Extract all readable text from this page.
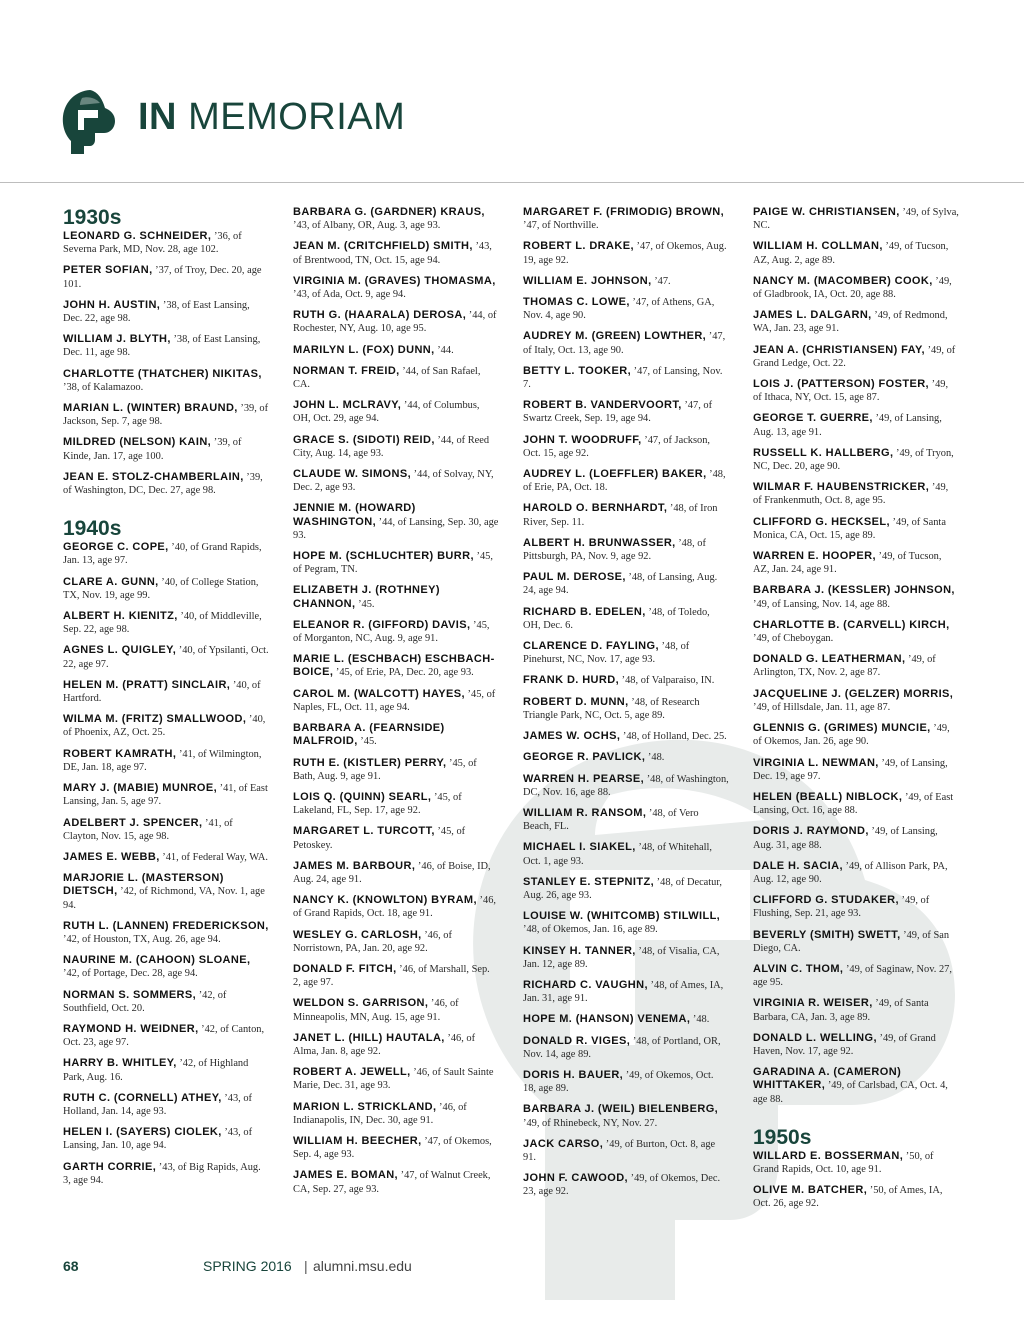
IN MEMORIAM
1930s

LEONARD G. SCHNEIDER, ’36, of Severna Park, MD, Nov. 28, age 102.

PETER SOFIAN, ’37, of Troy, Dec. 20, age 101.

JOHN H. AUSTIN, ’38, of East Lansing, Dec. 22, age 98.

WILLIAM J. BLYTH, ’38, of East Lansing, Dec. 11, age 98.

CHARLOTTE (THATCHER) NIKITAS, ’38, of Kalamazoo.

MARIAN L. (WINTER) BRAUND, ’39, of Jackson, Sep. 7, age 98.

MILDRED (NELSON) KAIN, ’39, of Kinde, Jan. 17, age 100.

JEAN E. STOLZ-CHAMBERLAIN, ’39, of Washington, DC, Dec. 27, age 98.

1940s

GEORGE C. COPE, ’40, of Grand Rapids, Jan. 13, age 97.

CLARE A. GUNN, ’40, of College Station, TX, Nov. 19, age 99.

ALBERT H. KIENITZ, ’40, of Middleville, Sep. 22, age 98.

AGNES L. QUIGLEY, ’40, of Ypsilanti, Oct. 22, age 97.

HELEN M. (PRATT) SINCLAIR, ’40, of Hartford.

WILMA M. (FRITZ) SMALLWOOD, ’40, of Phoenix, AZ, Oct. 25.

ROBERT KAMRATH, ’41, of Wilmington, DE, Jan. 18, age 97.

MARY J. (MABIE) MUNROE, ’41, of East Lansing, Jan. 5, age 97.

ADELBERT J. SPENCER, ’41, of Clayton, Nov. 15, age 98.

JAMES E. WEBB, ’41, of Federal Way, WA.

MARJORIE L. (MASTERSON) DIETSCH, ’42, of Richmond, VA, Nov. 1, age 94.

RUTH L. (LANNEN) FREDERICKSON, ’42, of Houston, TX, Aug. 26, age 94.

NAURINE M. (CAHOON) SLOANE, ’42, of Portage, Dec. 28, age 94.

NORMAN S. SOMMERS, ’42, of Southfield, Oct. 20.

RAYMOND H. WEIDNER, ’42, of Canton, Oct. 23, age 97.

HARRY B. WHITLEY, ’42, of Highland Park, Aug. 16.

RUTH C. (CORNELL) ATHEY, ’43, of Holland, Jan. 14, age 93.

HELEN I. (SAYERS) CIOLEK, ’43, of Lansing, Jan. 10, age 94.

GARTH CORRIE, ’43, of Big Rapids, Aug. 3, age 94.

BARBARA G. (GARDNER) KRAUS, ’43, of Albany, OR, Aug. 3, age 93.

JEAN M. (CRITCHFIELD) SMITH, ’43, of Brentwood, TN, Oct. 15, age 94.

VIRGINIA M. (GRAVES) THOMASMA, ’43, of Ada, Oct. 9, age 94.

RUTH G. (HAARALA) DEROSA, ’44, of Rochester, NY, Aug. 10, age 95.

MARILYN L. (FOX) DUNN, ’44.

NORMAN T. FREID, ’44, of San Rafael, CA.

JOHN L. MCLRAVY, ’44, of Columbus, OH, Oct. 29, age 94.

GRACE S. (SIDOTI) REID, ’44, of Reed City, Aug. 14, age 93.

CLAUDE W. SIMONS, ’44, of Solvay, NY, Dec. 2, age 93.

JENNIE M. (HOWARD) WASHINGTON, ’44, of Lansing, Sep. 30, age 93.

HOPE M. (SCHLUCHTER) BURR, ’45, of Pegram, TN.

ELIZABETH J. (ROTHNEY) CHANNON, ’45.

ELEANOR R. (GIFFORD) DAVIS, ’45, of Morganton, NC, Aug. 9, age 91.

MARIE L. (ESCHBACH) ESCHBACH-BOICE, ’45, of Erie, PA, Dec. 20, age 93.

CAROL M. (WALCOTT) HAYES, ’45, of Naples, FL, Oct. 11, age 94.

BARBARA A. (FEARNSIDE) MALFROID, ’45.

RUTH E. (KISTLER) PERRY, ’45, of Bath, Aug. 9, age 91.

LOIS Q. (QUINN) SEARL, ’45, of Lakeland, FL, Sep. 17, age 92.

MARGARET L. TURCOTT, ’45, of Petoskey.

JAMES M. BARBOUR, ’46, of Boise, ID, Aug. 24, age 91.

NANCY K. (KNOWLTON) BYRAM, ’46, of Grand Rapids, Oct. 18, age 91.

WESLEY G. CARLOSH, ’46, of Norristown, PA, Jan. 20, age 92.

DONALD F. FITCH, ’46, of Marshall, Sep. 2, age 97.

WELDON S. GARRISON, ’46, of Minneapolis, MN, Aug. 15, age 91.

JANET L. (HILL) HAUTALA, ’46, of Alma, Jan. 8, age 92.

ROBERT A. JEWELL, ’46, of Sault Sainte Marie, Dec. 31, age 93.

MARION L. STRICKLAND, ’46, of Indianapolis, IN, Dec. 30, age 91.

WILLIAM H. BEECHER, ’47, of Okemos, Sep. 4, age 93.

JAMES E. BOMAN, ’47, of Walnut Creek, CA, Sep. 27, age 93.

MARGARET F. (FRIMODIG) BROWN, ’47, of Northville.

ROBERT L. DRAKE, ’47, of Okemos, Aug. 19, age 92.

WILLIAM E. JOHNSON, ’47.

THOMAS C. LOWE, ’47, of Athens, GA, Nov. 4, age 90.

AUDREY M. (GREEN) LOWTHER, ’47, of Italy, Oct. 13, age 90.

BETTY L. TOOKER, ’47, of Lansing, Nov. 7.

ROBERT B. VANDERVOORT, ’47, of Swartz Creek, Sep. 19, age 94.

JOHN T. WOODRUFF, ’47, of Jackson, Oct. 15, age 92.

AUDREY L. (LOEFFLER) BAKER, ’48, of Erie, PA, Oct. 18.

HAROLD O. BERNHARDT, ’48, of Iron River, Sep. 11.

ALBERT H. BRUNWASSER, ’48, of Pittsburgh, PA, Nov. 9, age 92.

PAUL M. DEROSE, ’48, of Lansing, Aug. 24, age 94.

RICHARD B. EDELEN, ’48, of Toledo, OH, Dec. 6.

CLARENCE D. FAYLING, ’48, of Pinehurst, NC, Nov. 17, age 93.

FRANK D. HURD, ’48, of Valparaiso, IN.

ROBERT D. MUNN, ’48, of Research Triangle Park, NC, Oct. 5, age 89.

JAMES W. OCHS, ’48, of Holland, Dec. 25.

GEORGE R. PAVLICK, ’48.

WARREN H. PEARSE, ’48, of Washington, DC, Nov. 16, age 88.

WILLIAM R. RANSOM, ’48, of Vero Beach, FL.

MICHAEL I. SIAKEL, ’48, of Whitehall, Oct. 1, age 93.

STANLEY E. STEPNITZ, ’48, of Decatur, Aug. 26, age 93.

LOUISE W. (WHITCOMB) STILWILL, ’48, of Okemos, Jan. 16, age 89.

KINSEY H. TANNER, ’48, of Visalia, CA, Jan. 12, age 89.

RICHARD C. VAUGHN, ’48, of Ames, IA, Jan. 31, age 91.

HOPE M. (HANSON) VENEMA, ’48.

DONALD R. VIGES, ’48, of Portland, OR, Nov. 14, age 89.

DORIS H. BAUER, ’49, of Okemos, Oct. 18, age 89.

BARBARA J. (WEIL) BIELENBERG, ’49, of Rhinebeck, NY, Nov. 27.

JACK CARSO, ’49, of Burton, Oct. 8, age 91.

JOHN F. CAWOOD, ’49, of Okemos, Dec. 23, age 92.

PAIGE W. CHRISTIANSEN, ’49, of Sylva, NC.

WILLIAM H. COLLMAN, ’49, of Tucson, AZ, Aug. 2, age 89.

NANCY M. (MACOMBER) COOK, ’49, of Gladbrook, IA, Oct. 20, age 88.

JAMES L. DALGARN, ’49, of Redmond, WA, Jan. 23, age 91.

JEAN A. (CHRISTIANSEN) FAY, ’49, of Grand Ledge, Oct. 22.

LOIS J. (PATTERSON) FOSTER, ’49, of Ithaca, NY, Oct. 15, age 87.

GEORGE T. GUERRE, ’49, of Lansing, Aug. 13, age 91.

RUSSELL K. HALLBERG, ’49, of Tryon, NC, Dec. 20, age 90.

WILMAR F. HAUBENSTRICKER, ’49, of Frankenmuth, Oct. 8, age 95.

CLIFFORD G. HECKSEL, ’49, of Santa Monica, CA, Oct. 15, age 89.

WARREN E. HOOPER, ’49, of Tucson, AZ, Jan. 24, age 91.

BARBARA J. (KESSLER) JOHNSON, ’49, of Lansing, Nov. 14, age 88.

CHARLOTTE B. (CARVELL) KIRCH, ’49, of Cheboygan.

DONALD G. LEATHERMAN, ’49, of Arlington, TX, Nov. 2, age 87.

JACQUELINE J. (GELZER) MORRIS, ’49, of Hillsdale, Jan. 11, age 87.

GLENNIS G. (GRIMES) MUNCIE, ’49, of Okemos, Jan. 26, age 90.

VIRGINIA L. NEWMAN, ’49, of Lansing, Dec. 19, age 97.

HELEN (BEALL) NIBLOCK, ’49, of East Lansing, Oct. 16, age 88.

DORIS J. RAYMOND, ’49, of Lansing, Aug. 31, age 88.

DALE H. SACIA, ’49, of Allison Park, PA, Aug. 12, age 90.

CLIFFORD G. STUDAKER, ’49, of Flushing, Sep. 21, age 93.

BEVERLY (SMITH) SWETT, ’49, of San Diego, CA.

ALVIN C. THOM, ’49, of Saginaw, Nov. 27, age 95.

VIRGINIA R. WEISER, ’49, of Santa Barbara, CA, Jan. 3, age 89.

DONALD L. WELLING, ’49, of Grand Haven, Nov. 17, age 92.

GARADINA A. (CAMERON) WHITTAKER, ’49, of Carlsbad, CA, Oct. 4, age 88.

1950s

WILLARD E. BOSSERMAN, ’50, of Grand Rapids, Oct. 10, age 91.

OLIVE M. BATCHER, ’50, of Ames, IA, Oct. 26, age 92.

68	SPRING 2016 | alumni.msu.edu
